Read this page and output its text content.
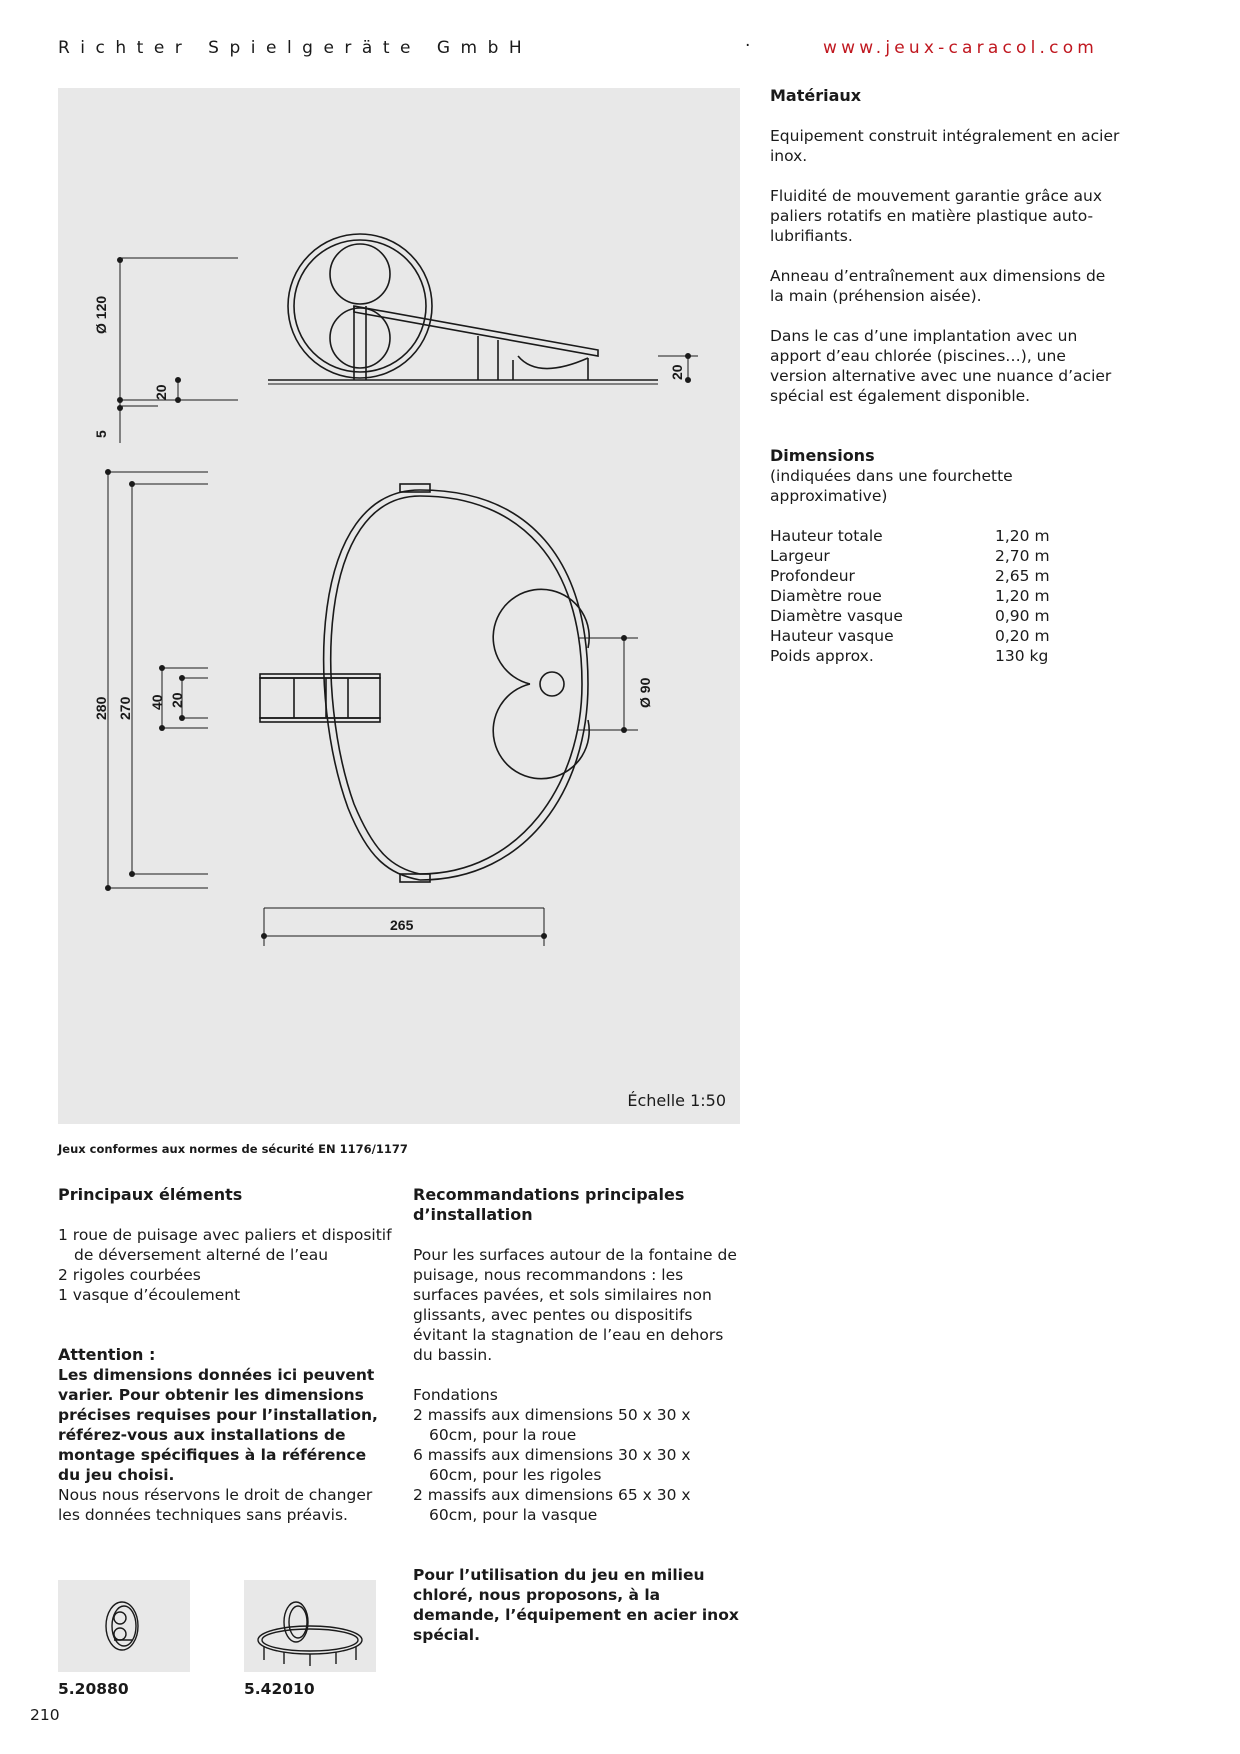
Richter Spielgeräte GmbH	·	www.jeux-caracol.com
Ø 120
20
5
20
280 270 40 20	Ø 90
265
Échelle 1:50
Matériaux

Equipement construit intégralement en acier inox.

Fluidité de mouvement garantie grâce aux paliers rotatifs en matière plastique auto-lubrifiants.

Anneau d’entraînement aux dimensions de la main (préhension aisée).

Dans le cas d’une implantation avec un apport d’eau chlorée (piscines…), une version alternative avec une nuance d’acier spécial est également disponible.

Dimensions
(indiquées dans une fourchette approximative)
Hauteur totale	1,20 m
Largeur	2,70 m
Profondeur	2,65 m
Diamètre roue	1,20 m
Diamètre vasque	0,90 m
Hauteur vasque	0,20 m
Poids approx.	130 kg
Jeux conformes aux normes de sécurité EN 1176/1177
Principaux éléments

1 roue de puisage avec paliers et dispositif de déversement alterné de l’eau

2 rigoles courbées

1 vasque d’écoulement

Attention :

Les dimensions données ici peuvent varier. Pour obtenir les dimensions précises requises pour l’installation, référez-vous aux installations de montage spécifiques à la référence du jeu choisi.

Nous nous réservons le droit de changer les données techniques sans préavis.

Recommandations principales d’installation

Pour les surfaces autour de la fontaine de puisage, nous recommandons : les surfaces pavées, et sols similaires non glissants, avec pentes ou dispositifs évitant la stagnation de l’eau en dehors du bassin.

Fondations

2 massifs aux dimensions 50 x 30 x 60cm, pour la roue

6 massifs aux dimensions 30 x 30 x 60cm, pour les rigoles

2 massifs aux dimensions 65 x 30 x 60cm, pour la vasque

Pour l’utilisation du jeu en milieu chloré, nous proposons, à la demande, l’équipement en acier inox spécial.

5.20880	5.42010
210
